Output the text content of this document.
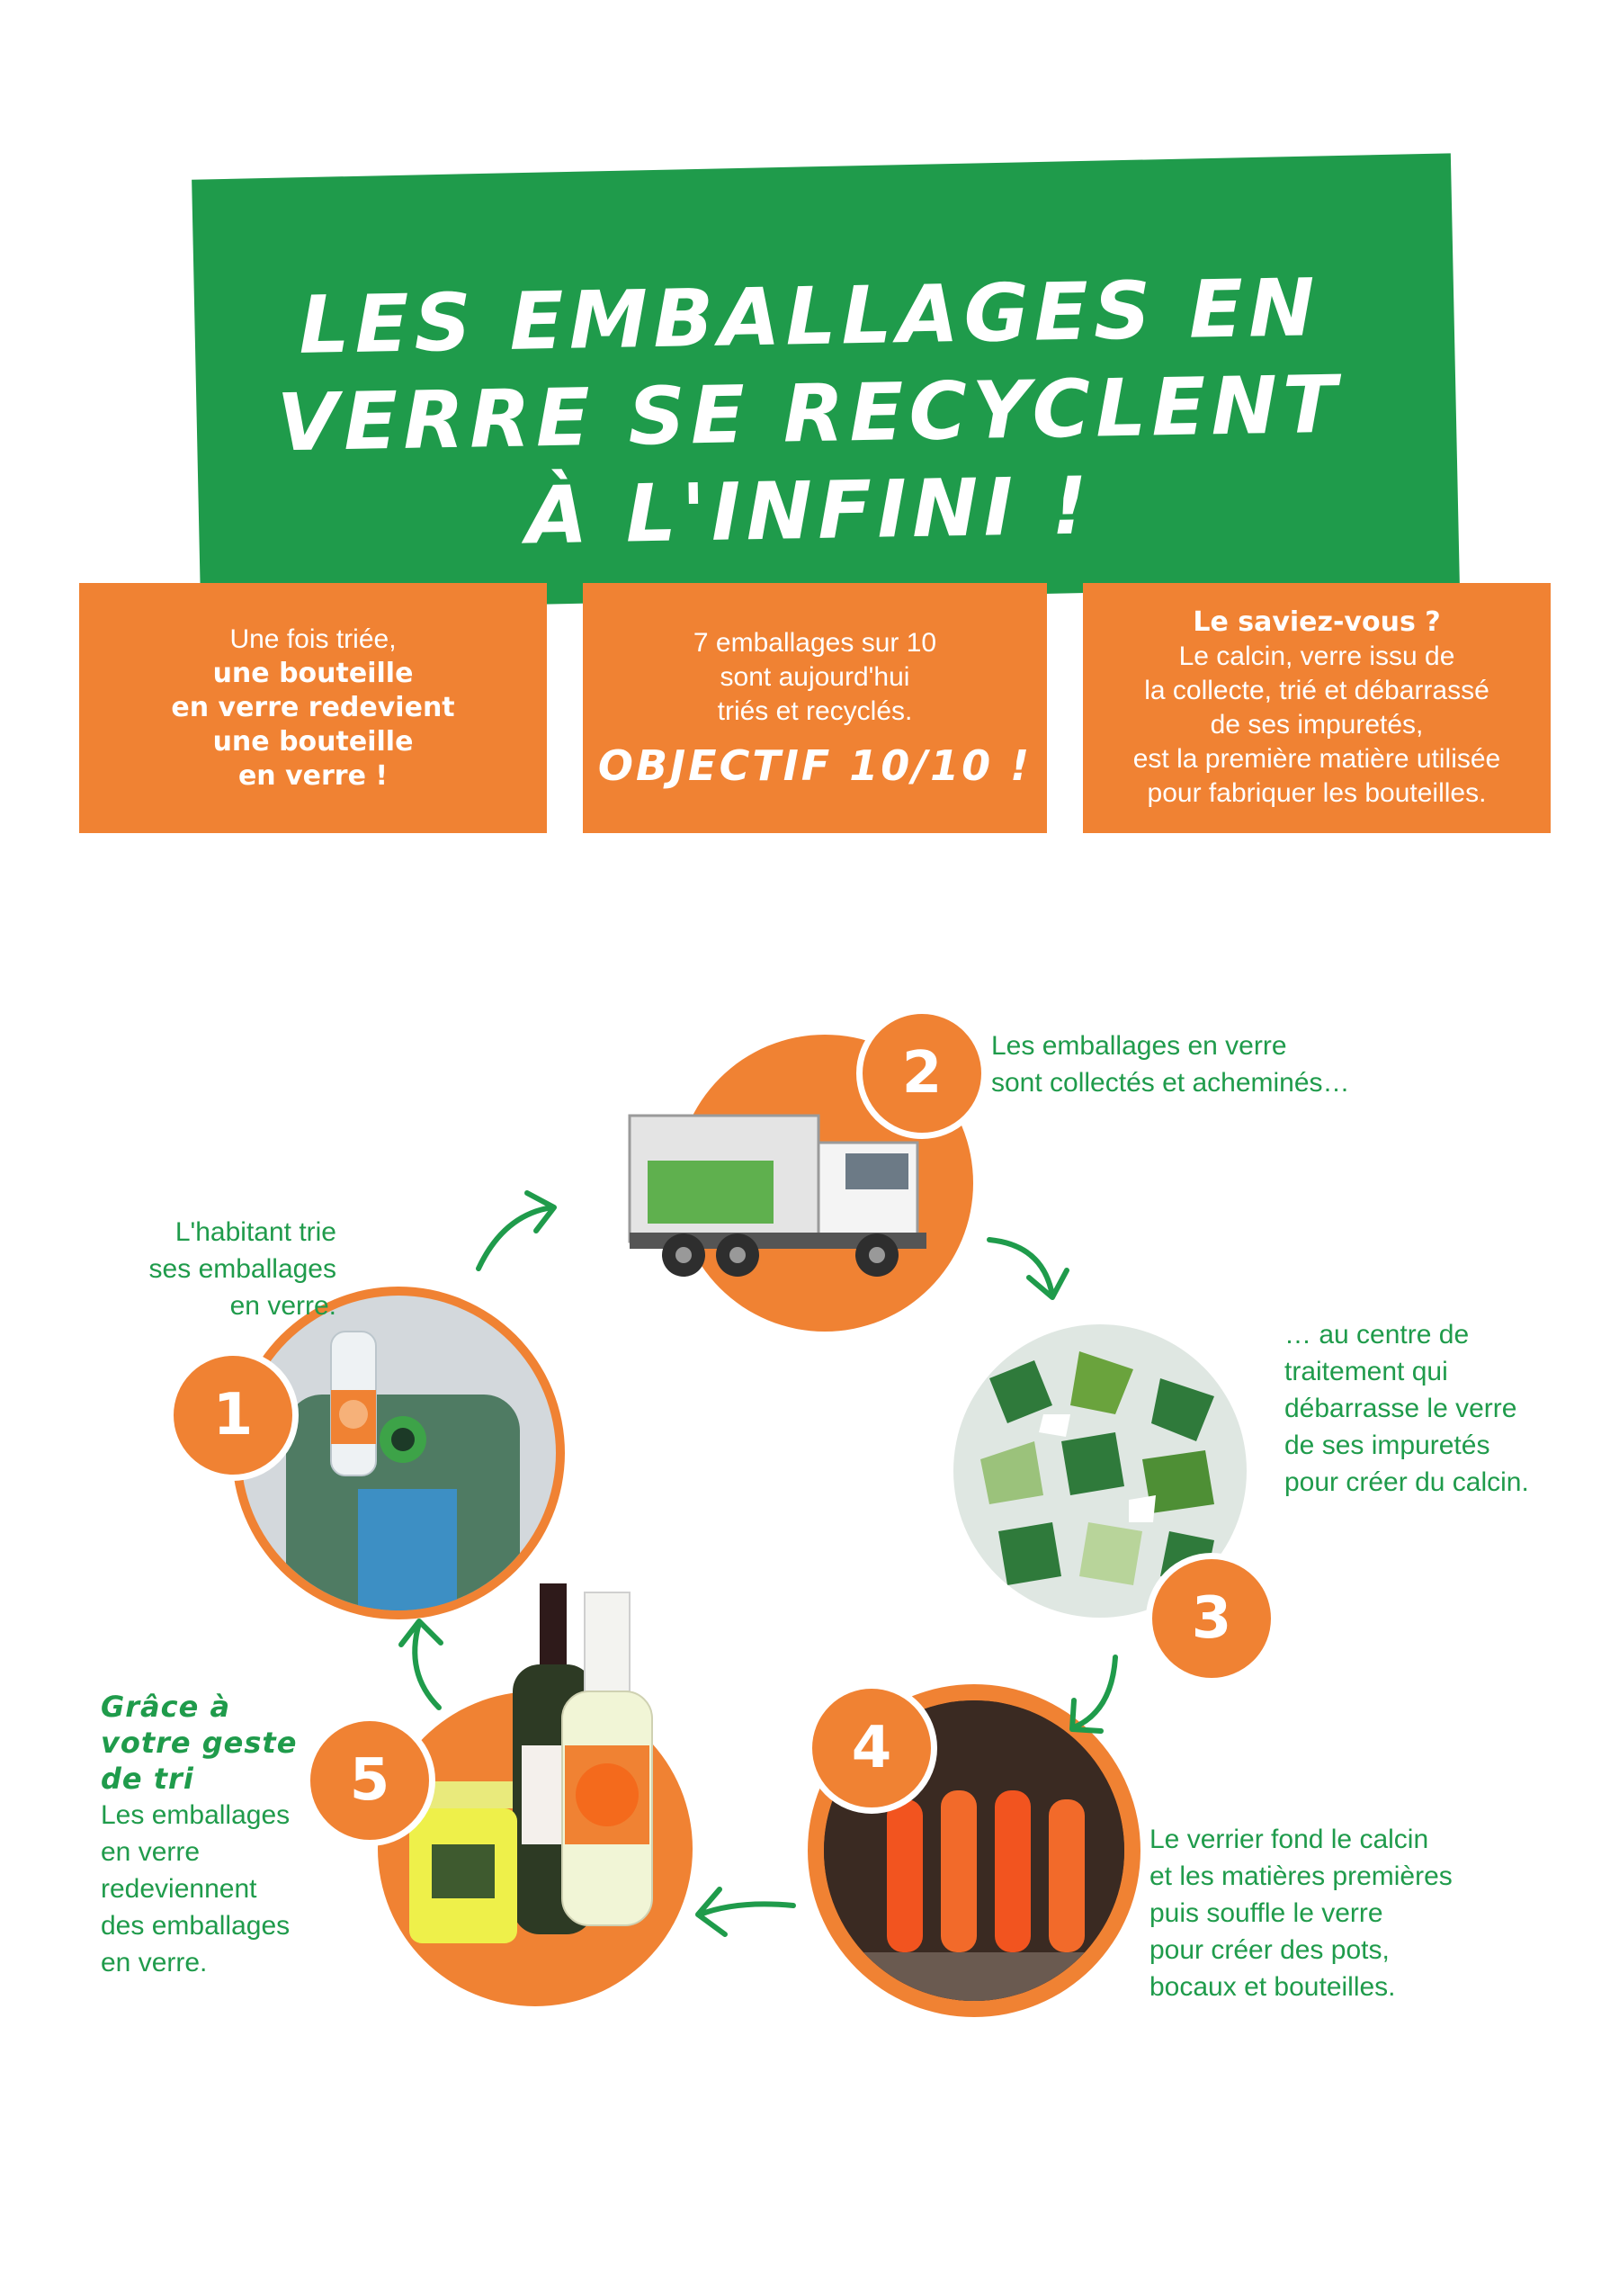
LES EMBALLAGES EN
VERRE SE RECYCLENT
À L'INFINI !
Une fois triée,
une bouteille
en verre redevient
une bouteille
en verre !
7 emballages sur 10
sont aujourd'hui
triés et recyclés.
OBJECTIF 10/10 !
Le saviez-vous ?
Le calcin, verre issu de
la collecte, trié et débarrassé
de ses impuretés,
est la première matière utilisée
pour fabriquer les bouteilles.
2	Les emballages en verre
sont collectés et acheminés…
1
L'habitant trie
ses emballages
en verre.
3
… au centre de
traitement qui
débarrasse le verre
de ses impuretés
pour créer du calcin.
4
Le verrier fond le calcin
et les matières premières
puis souffle le verre
pour créer des pots,
bocaux et bouteilles.
5
Grâce à
votre geste
de tri
Les emballages
en verre
redeviennent
des emballages
en verre.
